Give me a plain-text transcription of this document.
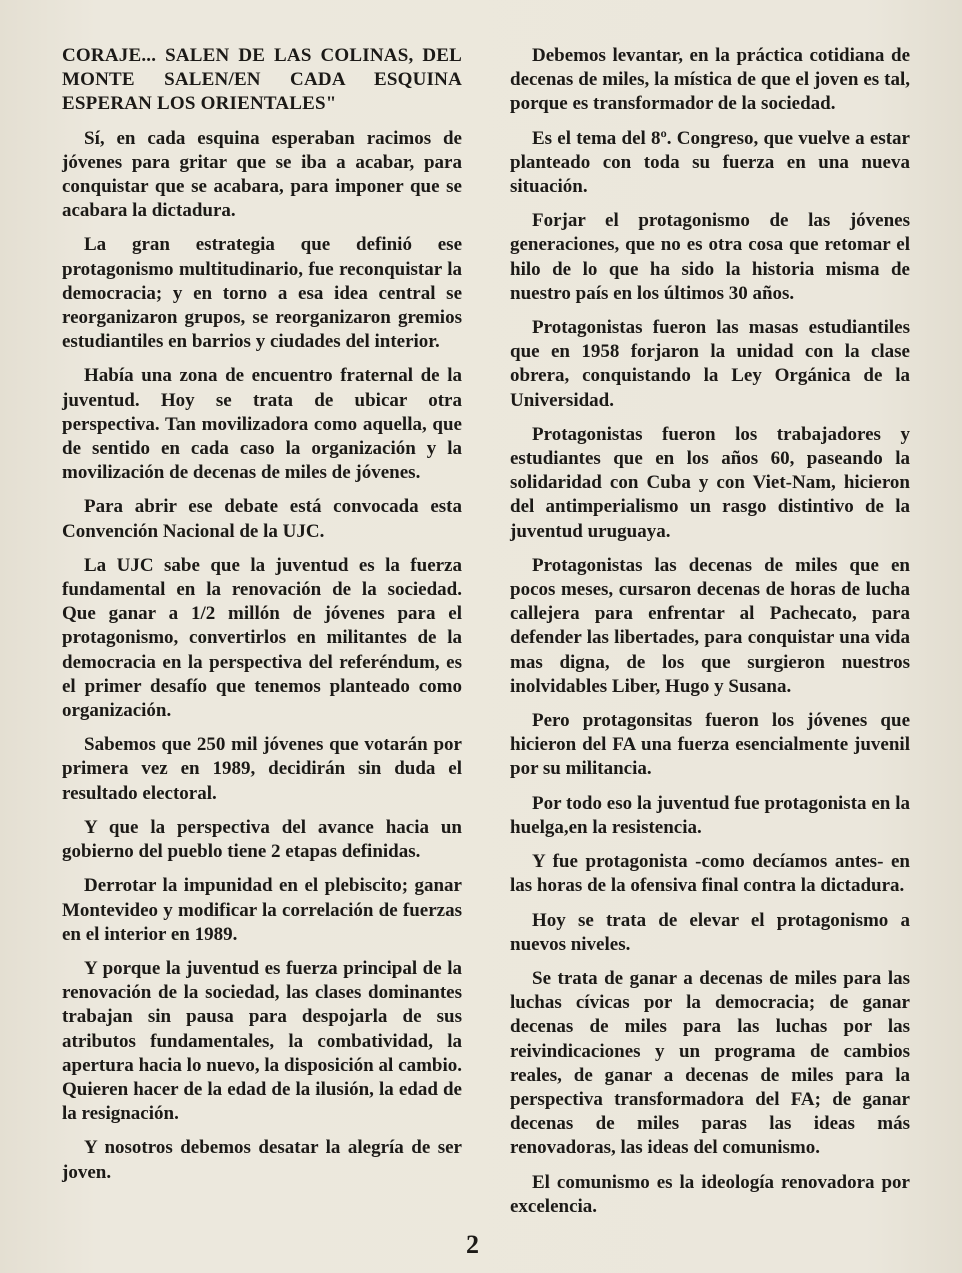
CORAJE... SALEN DE LAS COLINAS, DEL MONTE SALEN/EN CADA ESQUINA ESPERAN LOS ORIENTALES"

Sí, en cada esquina esperaban racimos de jóvenes para gritar que se iba a acabar, para conquistar que se acabara, para imponer que se acabara la dictadura.

La gran estrategia que definió ese protagonismo multitudinario, fue reconquistar la democracia; y en torno a esa idea central se reorganizaron grupos, se reorganizaron gremios estudiantiles en barrios y ciudades del interior.

Había una zona de encuentro fraternal de la juventud. Hoy se trata de ubicar otra perspectiva. Tan movilizadora como aquella, que de sentido en cada caso la organización y la movilización de decenas de miles de jóvenes.

Para abrir ese debate está convocada esta Convención Nacional de la UJC.

La UJC sabe que la juventud es la fuerza fundamental en la renovación de la sociedad. Que ganar a 1/2 millón de jóvenes para el protagonismo, convertirlos en militantes de la democracia en la perspectiva del referéndum, es el primer desafío que tenemos planteado como organización.

Sabemos que 250 mil jóvenes que votarán por primera vez en 1989, decidirán sin duda el resultado electoral.

Y que la perspectiva del avance hacia un gobierno del pueblo tiene 2 etapas definidas.

Derrotar la impunidad en el plebiscito; ganar Montevideo y modificar la correlación de fuerzas en el interior en 1989.

Y porque la juventud es fuerza principal de la renovación de la sociedad, las clases dominantes trabajan sin pausa para despojarla de sus atributos fundamentales, la combatividad, la apertura hacia lo nuevo, la disposición al cambio. Quieren hacer de la edad de la ilusión, la edad de la resignación.

Y nosotros debemos desatar la alegría de ser joven.

Debemos levantar, en la práctica cotidiana de decenas de miles, la mística de que el joven es tal, porque es transformador de la sociedad.

Es el tema del 8º. Congreso, que vuelve a estar planteado con toda su fuerza en una nueva situación.

Forjar el protagonismo de las jóvenes generaciones, que no es otra cosa que retomar el hilo de lo que ha sido la historia misma de nuestro país en los últimos 30 años.

Protagonistas fueron las masas estudiantiles que en 1958 forjaron la unidad con la clase obrera, conquistando la Ley Orgánica de la Universidad.

Protagonistas fueron los trabajadores y estudiantes que en los años 60, paseando la solidaridad con Cuba y con Viet-Nam, hicieron del antimperialismo un rasgo distintivo de la juventud uruguaya.

Protagonistas las decenas de miles que en pocos meses, cursaron decenas de horas de lucha callejera para enfrentar al Pachecato, para defender las libertades, para conquistar una vida mas digna, de los que surgieron nuestros inolvidables Liber, Hugo y Susana.

Pero protagonsitas fueron los jóvenes que hicieron del FA una fuerza esencialmente juvenil por su militancia.

Por todo eso la juventud fue protagonista en la huelga,en la resistencia.

Y fue protagonista -como decíamos antes- en las horas de la ofensiva final contra la dictadura.

Hoy se trata de elevar el protagonismo a nuevos niveles.

Se trata de ganar a decenas de miles para las luchas cívicas por la democracia; de ganar decenas de miles para las luchas por las reivindicaciones y un programa de cambios reales, de ganar a decenas de miles para la perspectiva transformadora del FA; de ganar decenas de miles paras las ideas más renovadoras, las ideas del comunismo.

El comunismo es la ideología renovadora por excelencia.

2
